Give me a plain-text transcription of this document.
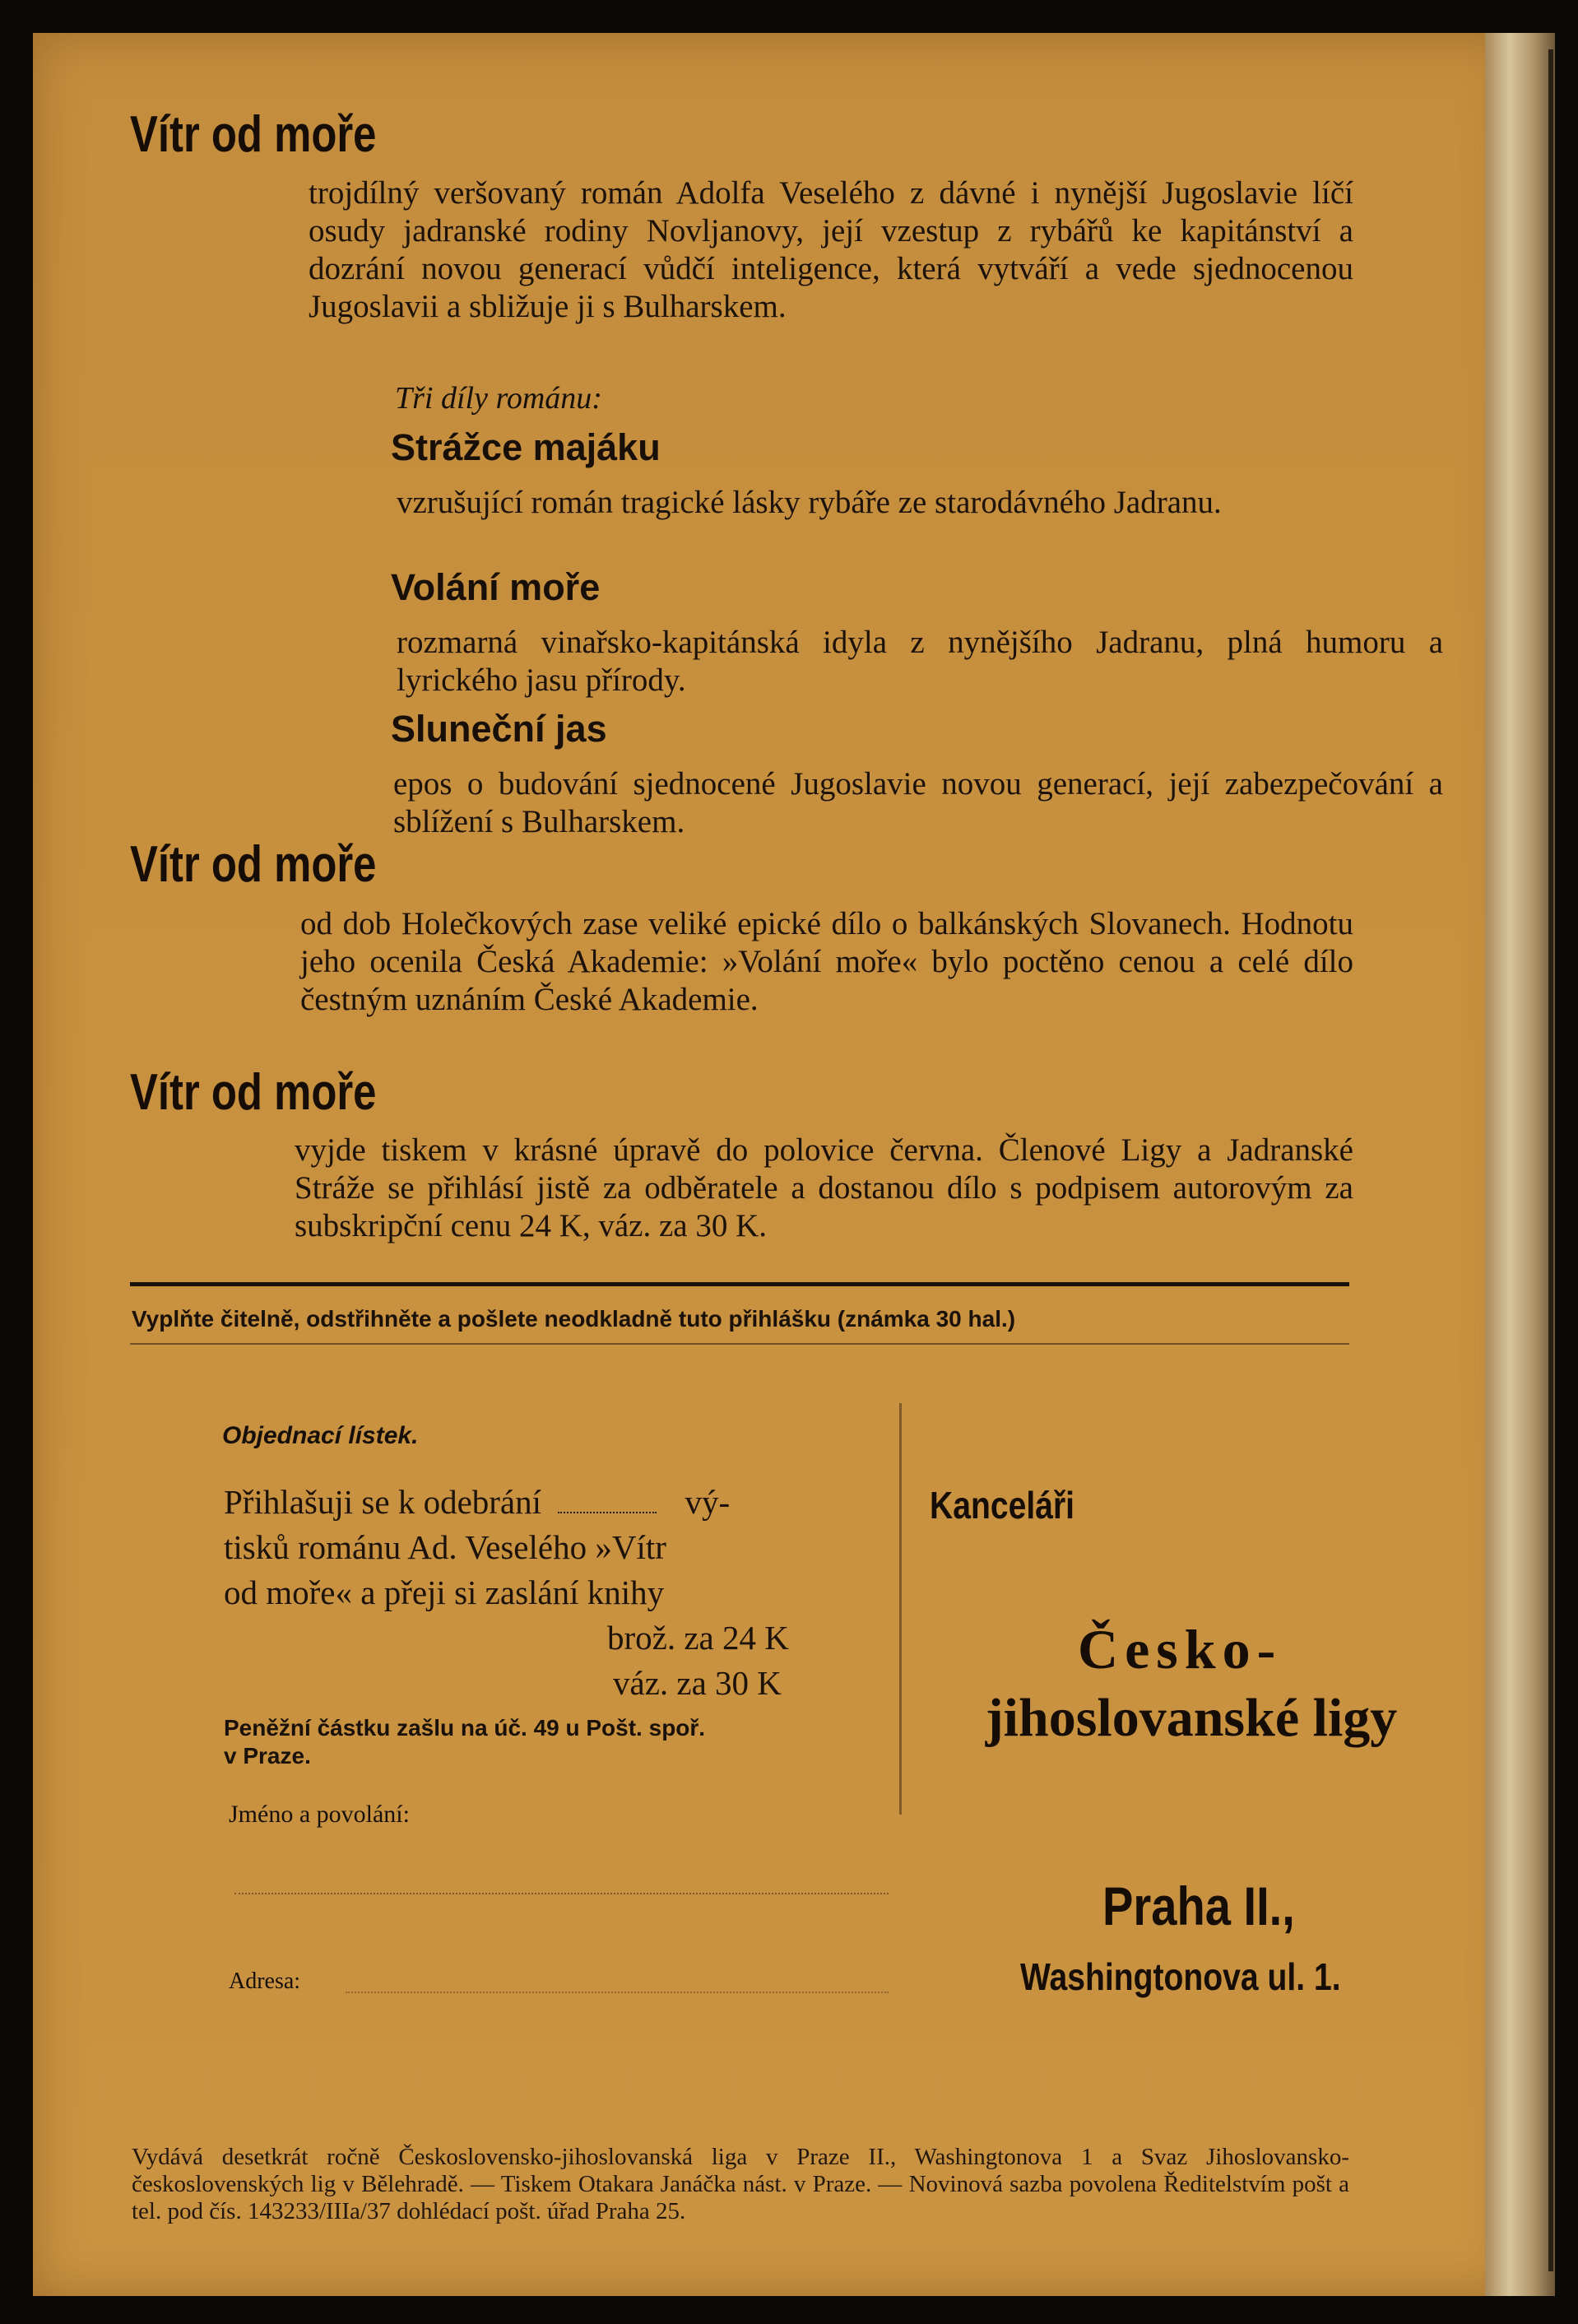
Vítr od moře
trojdílný veršovaný román Adolfa Veselého z dávné i nynější Jugoslavie líčí osudy jadranské rodiny Novljanovy, její vzestup z rybářů ke kapitánství a dozrání novou generací vůdčí inteligence, která vytváří a vede sjednocenou Jugoslavii a sbližuje ji s Bulharskem.
Tři díly románu:
Strážce majáku
vzrušující román tragické lásky rybáře ze starodávného Jadranu.
Volání moře
rozmarná vinařsko-kapitánská idyla z nynějšího Jadranu, plná humoru a lyrického jasu přírody.
Sluneční jas
epos o budování sjednocené Jugoslavie novou generací, její zabezpečování a sblížení s Bulharskem.
Vítr od moře
od dob Holečkových zase veliké epické dílo o balkánských Slovanech. Hodnotu jeho ocenila Česká Akademie: »Volání moře« bylo poctěno cenou a celé dílo čestným uznáním České Akademie.
Vítr od moře
vyjde tiskem v krásné úpravě do polovice června. Členové Ligy a Jadranské Stráže se přihlásí jistě za odběratele a dostanou dílo s podpisem autorovým za subskripční cenu 24 K, váz. za 30 K.
Vyplňte čitelně, odstřihněte a pošlete neodkladně tuto přihlášku (známka 30 hal.)
Objednací lístek.
Přihlašuji se k odebrání	vý-
tisků románu Ad. Veselého »Vítr
od moře« a přeji si zaslání knihy
brož. za 24 K
váz. za 30 K
Peněžní částku zašlu na úč. 49 u Pošt. spoř.
v Praze.
Jméno a povolání:
Adresa:
Kanceláři
Česko-
jihoslovanské ligy
Praha II.,
Washingtonova ul. 1.
Vydává desetkrát ročně Československo-jihoslovanská liga v Praze II., Washingtonova 1 a Svaz Jihoslovansko-československých lig v Bělehradě. — Tiskem Otakara Janáčka nást. v Praze. — Novinová sazba povolena Ředitelstvím pošt a tel. pod čís. 143233/IIIa/37 dohlédací pošt. úřad Praha 25.
